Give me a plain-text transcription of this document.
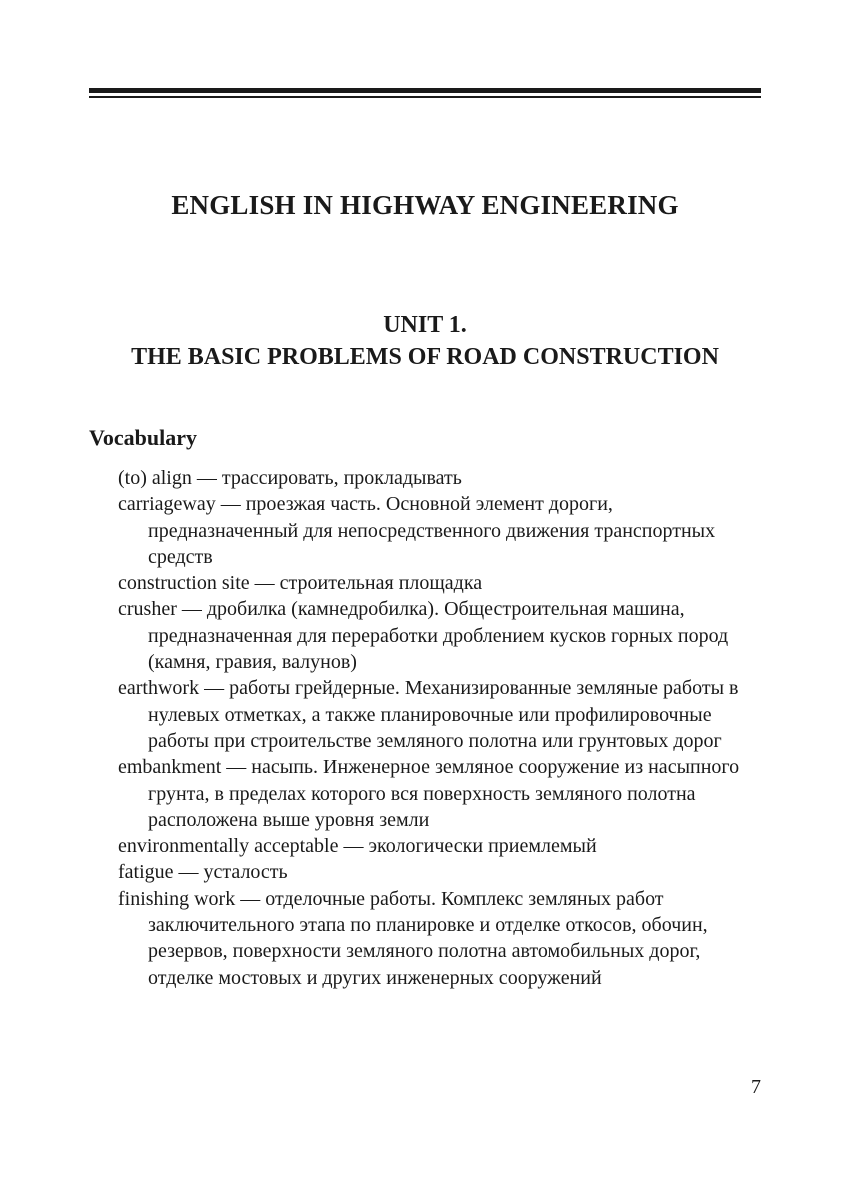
ENGLISH IN HIGHWAY ENGINEERING
UNIT 1.
THE BASIC PROBLEMS OF ROAD CONSTRUCTION
Vocabulary
(to) align — трассировать, прокладывать
carriageway — проезжая часть. Основной элемент дороги, предназначенный для непосредственного движения транспортных средств
construction site — строительная площадка
crusher — дробилка (камнедробилка). Общестроительная машина, предназначенная для переработки дроблением кусков горных пород (камня, гравия, валунов)
earthwork — работы грейдерные. Механизированные земляные работы в нулевых отметках, а также планировочные или профилировочные работы при строительстве земляного полотна или грунтовых дорог
embankment — насыпь. Инженерное земляное сооружение из насыпного грунта, в пределах которого вся поверхность земляного полотна расположена выше уровня земли
environmentally acceptable — экологически приемлемый
fatigue — усталость
finishing work — отделочные работы. Комплекс земляных работ заключительного этапа по планировке и отделке откосов, обочин, резервов, поверхности земляного полотна автомобильных дорог, отделке мостовых и других инженерных сооружений
7
